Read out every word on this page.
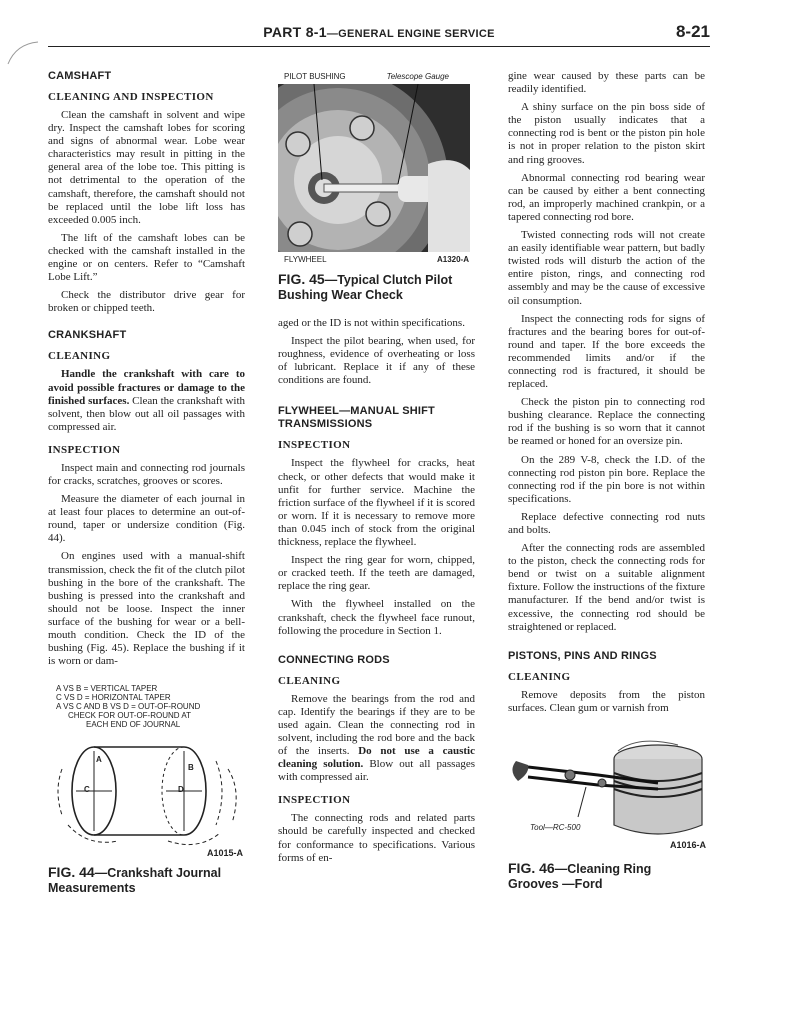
PART 8-1—GENERAL ENGINE SERVICE	8-21
CAMSHAFT
CLEANING AND INSPECTION

Clean the camshaft in solvent and wipe dry. Inspect the camshaft lobes for scoring and signs of abnormal wear. Lobe wear characteristics may result in pitting in the general area of the lobe toe. This pitting is not detrimental to the operation of the camshaft, therefore, the camshaft should not be replaced until the lobe lift loss has exceeded 0.005 inch.

The lift of the camshaft lobes can be checked with the camshaft installed in the engine or on centers. Refer to “Camshaft Lobe Lift.”

Check the distributor drive gear for broken or chipped teeth.

CRANKSHAFT
CLEANING

Handle the crankshaft with care to avoid possible fractures or damage to the finished surfaces. Clean the crankshaft with solvent, then blow out all oil passages with compressed air.

INSPECTION

Inspect main and connecting rod journals for cracks, scratches, grooves or scores.

Measure the diameter of each journal in at least four places to determine an out-of-round, taper or undersize condition (Fig. 44).

On engines used with a manual-shift transmission, check the fit of the clutch pilot bushing in the bore of the crankshaft. The bushing is pressed into the crankshaft and should not be loose. Inspect the inner surface of the bushing for wear or a bell-mouth condition. Check the ID of the bushing (Fig. 45). Replace the bushing if it is worn or dam-

A VS B = VERTICAL TAPER
C VS D = HORIZONTAL TAPER
A VS C AND B VS D = OUT-OF-ROUND
CHECK FOR OUT-OF-ROUND AT
EACH END OF JOURNAL
A
B
C	D
A1015-A
FIG. 44—Crankshaft Journal Measurements
PILOT BUSHING	Telescope Gauge
FLYWHEEL	A1320-A
FIG. 45—Typical Clutch Pilot Bushing Wear Check

aged or the ID is not within specifications.

Inspect the pilot bearing, when used, for roughness, evidence of overheating or loss of lubricant. Replace it if any of these conditions are found.

FLYWHEEL—MANUAL SHIFT TRANSMISSIONS
INSPECTION

Inspect the flywheel for cracks, heat check, or other defects that would make it unfit for further service. Machine the friction surface of the flywheel if it is scored or worn. If it is necessary to remove more than 0.045 inch of stock from the original thickness, replace the flywheel.

Inspect the ring gear for worn, chipped, or cracked teeth. If the teeth are damaged, replace the ring gear.

With the flywheel installed on the crankshaft, check the flywheel face runout, following the procedure in Section 1.

CONNECTING RODS
CLEANING

Remove the bearings from the rod and cap. Identify the bearings if they are to be used again. Clean the connecting rod in solvent, including the rod bore and the back of the inserts. Do not use a caustic cleaning solution. Blow out all passages with compressed air.

INSPECTION

The connecting rods and related parts should be carefully inspected and checked for conformance to specifications. Various forms of en-

gine wear caused by these parts can be readily identified.

A shiny surface on the pin boss side of the piston usually indicates that a connecting rod is bent or the piston pin hole is not in proper relation to the piston skirt and ring grooves.

Abnormal connecting rod bearing wear can be caused by either a bent connecting rod, an improperly machined crankpin, or a tapered connecting rod bore.

Twisted connecting rods will not create an easily identifiable wear pattern, but badly twisted rods will disturb the action of the entire piston, rings, and connecting rod assembly and may be the cause of excessive oil consumption.

Inspect the connecting rods for signs of fractures and the bearing bores for out-of-round and taper. If the bore exceeds the recommended limits and/or if the connecting rod is fractured, it should be replaced.

Check the piston pin to connecting rod bushing clearance. Replace the connecting rod if the bushing is so worn that it cannot be reamed or honed for an oversize pin.

On the 289 V-8, check the I.D. of the connecting rod piston pin bore. Replace the connecting rod if the pin bore is not within specifications.

Replace defective connecting rod nuts and bolts.

After the connecting rods are assembled to the piston, check the connecting rods for bend or twist on a suitable alignment fixture. Follow the instructions of the fixture manufacturer. If the bend and/or twist is excessive, the connecting rod should be straightened or replaced.

PISTONS, PINS AND RINGS
CLEANING

Remove deposits from the piston surfaces. Clean gum or varnish from

Tool—RC-500
A1016-A
FIG. 46—Cleaning Ring Grooves —Ford
